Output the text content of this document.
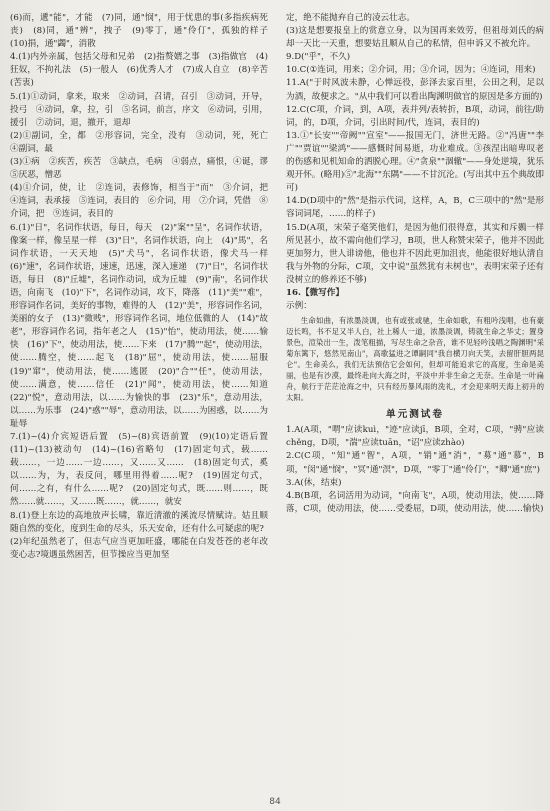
(6)而，遞"能"，才能　(7)同，通"悯"，用于忧患的事(多指疾病死丧)　(8)同，通"辨"，拽子　(9)零丁，通"伶仃"，孤独的样子　(10)捐，通"蠲"，消散

4.(1)内外亲属，包括父母和兄弟　(2)指赘婿之事　(3)指做官　(4)狂奴，不拘礼法　(5)一般人　(6)优秀人才　(7)成人自立　(8)辛苦(苦衷)

5.(1)①动词，拿来，取来　②动词，召请，召引　③动词，开导，投弓　④动词，拿，拉，引　⑤名词，前言，序文　⑥动词，引用，援引　⑦动词，退，撤开，退却

(2)①副词，全，都　②形容词，完全，没有　③动词，死，死亡　④副词，最

(3)①病　②疾苦，疾苦　③缺点，毛病　④弱点，痛恨，④诞，谬　⑤厌恶，憎恶

(4)①介词，使，让　②连词，表修饰，相当于"而"　③介词，把　④连词，表承接　⑤连词，表目的　⑥介词，用　⑦介词，凭借　⑧介词，把　⑨连词，表目的

6.(1)"日"，名词作状语，每日，每天　(2)"案""呈"，名词作状语，像案一样，像呈星一样　(3)"日"，名词作状语，向上　(4)"馬"，名词作状语，一天天地　(5)"犬马"，名词作状语，像犬马一样　(6)"速"，名词作状语，速速，迅速，深入速递　(7)"日"，名词作状语，每日　(8)"丘墟"，名词作动词，成为丘墟　(9)"南"，名词作状语，向南飞　(10)"下"，名词作动词，攻下，降落　(11)"美""难"，形容词作名词，美好的事物，难得的人　(12)"美"，形容词作名词，美丽的女子　(13)"微贱"，形容词作名词，地位低微的人　(14)"故老"，形容词作名词，指年老之人　(15)"怡"，使动用法，使……愉快　(16)"下"，使动用法，使……下来　(17)"腾""起"，使动用法，使……腾空，使……起飞　(18)"屈"，使动用法，使……屈服　(19)"窜"，使动用法，使……逃匿　(20)"合""任"，使动用法，使……满意，使……信任　(21)"闻"，使动用法，使……知道　(22)"悦"，意动用法，以……为愉快的事　(23)"乐"，意动用法，以……为乐事　(24)"惑""辱"，意动用法，以……为困惑，以……为耻辱

7.(1)~(4)介宾短语后置　(5)~(8)宾语前置　(9)(10)定语后置　(11)~(13)被动句　(14)~(16)省略句　(17)固定句式，载……载……，一边……一边……，又……又……　(18)固定句式，奚以……为，为，表反问，哪里用得着……呢?　(19)固定句式，何……之有，有什么……呢?　(20)固定句式，既……则……，既然……就……，又……既……，就……，就安

8.(1)登上东边的高地放声长啸，靠近清澈的溪流尽情赋诗。姑且顺随自然的变化，度到生命的尽头，乐天安命，还有什么可疑虑的呢?

(2)年纪虽然老了，但志气应当更加旺盛，哪能在白发苍苍的老年改变心志?境遇虽然困苦，但节操应当更加坚

定，绝不能抛弃自己的凌云壮志。

(3)这是想要报皇上的赏意立身，以为国再来效劳，但祖母刘氏的病却一天比一天重，想要姑且顺从自己的私情，但申诉又不被允许。

9.D("乎"，不久)

10.C(①连词，用来；②介词，用；③介词，因为；④连词，用来)

11.A("于时风波未静，心惮远役，彭泽去家百里，公田之利，足以为酒，故便求之。"从中我们可以看出陶渊明做官的原因是多方面的)

12.C(C项，介词，到，A项，表并列/表转折，B项，动词，前往/助词，的，D项，介词，引出时间/代，连词，表目的)

13.①"长安""帝阙""宣室"——报国无门，济世无路。②"冯唐""李广""贾谊""梁鸿"——感慨时间易逝，功业难成。③孩涅出暗卑叹老的伤感和见机知命的洒脱心理。④"贪泉""涸辙"——身处逆境，犹乐观开怀。(略用)⑤"北海""东隅"——不甘沉沦。(写出其中五个典故即可)

14.D(D项中的"然"是指示代词，这样，A，B，C三项中的"然"是形容词词尾，……的样子)

15.D(A项，宋荣子毫笑他们，是因为他们很得意，其实和斥鷃一样所见甚小，故不需向他们学习，B项，世人称赞宋荣子，他并不因此更加努力，世人诽谤他，他也并不因此更加沮丧，他能很好地认清自我与外物的分际，C项，文中说"虽然犹有未树也"，表明宋荣子还有没树立的修养还不够)

16.【微写作】

示例：

生命如曲，有浓墨淡调，也有或张或驰，生命如歌，有粗吟浅唱，也有豪迈长鸣，书不足又半人白，社上稀人一道，浓墨淡调，铸就生命之华丈；置身景色，渲染出一生，泼笔粗描，写尽生命之杂音，谁不见轻吟浅唱之陶渊明"采菊东篱下，悠然见南山"，高歌猛进之谭嗣同"我自横刀向天笑，去留肝胆两昆仑"。生命美么，我们无法預估它会如何，但却可能追求它的高度，生命是美丽，也是有沙漠，最终赴向大海之时，平淡中并非生命之无奈。生命是一叶扁舟，航行于茫茫沧海之中，只有经历暴风雨的洗礼，才会迎来明天海上初升的太阳。

单元测试卷

1.A(A项，"喟"应读kuì，"迹"应读jī，B项，全对，C项，"骋"应读chěng，D项，"湍"应读tuān，"诏"应读zhào)

2.C(C项，"知"通"智"，A项，"销"通"消"，"募"通"慕"，B项，"闵"通"悯"，"冥"通"溟"，D项，"零丁"通"伶仃"，"卿"通"庶")

3.A(休，结束)

4.B(B项，名词活用为动词，"向南飞"，A项，使动用法，使……降落，C项，使动用法，使……受委屈，D项，使动用法，使……愉快)

84
